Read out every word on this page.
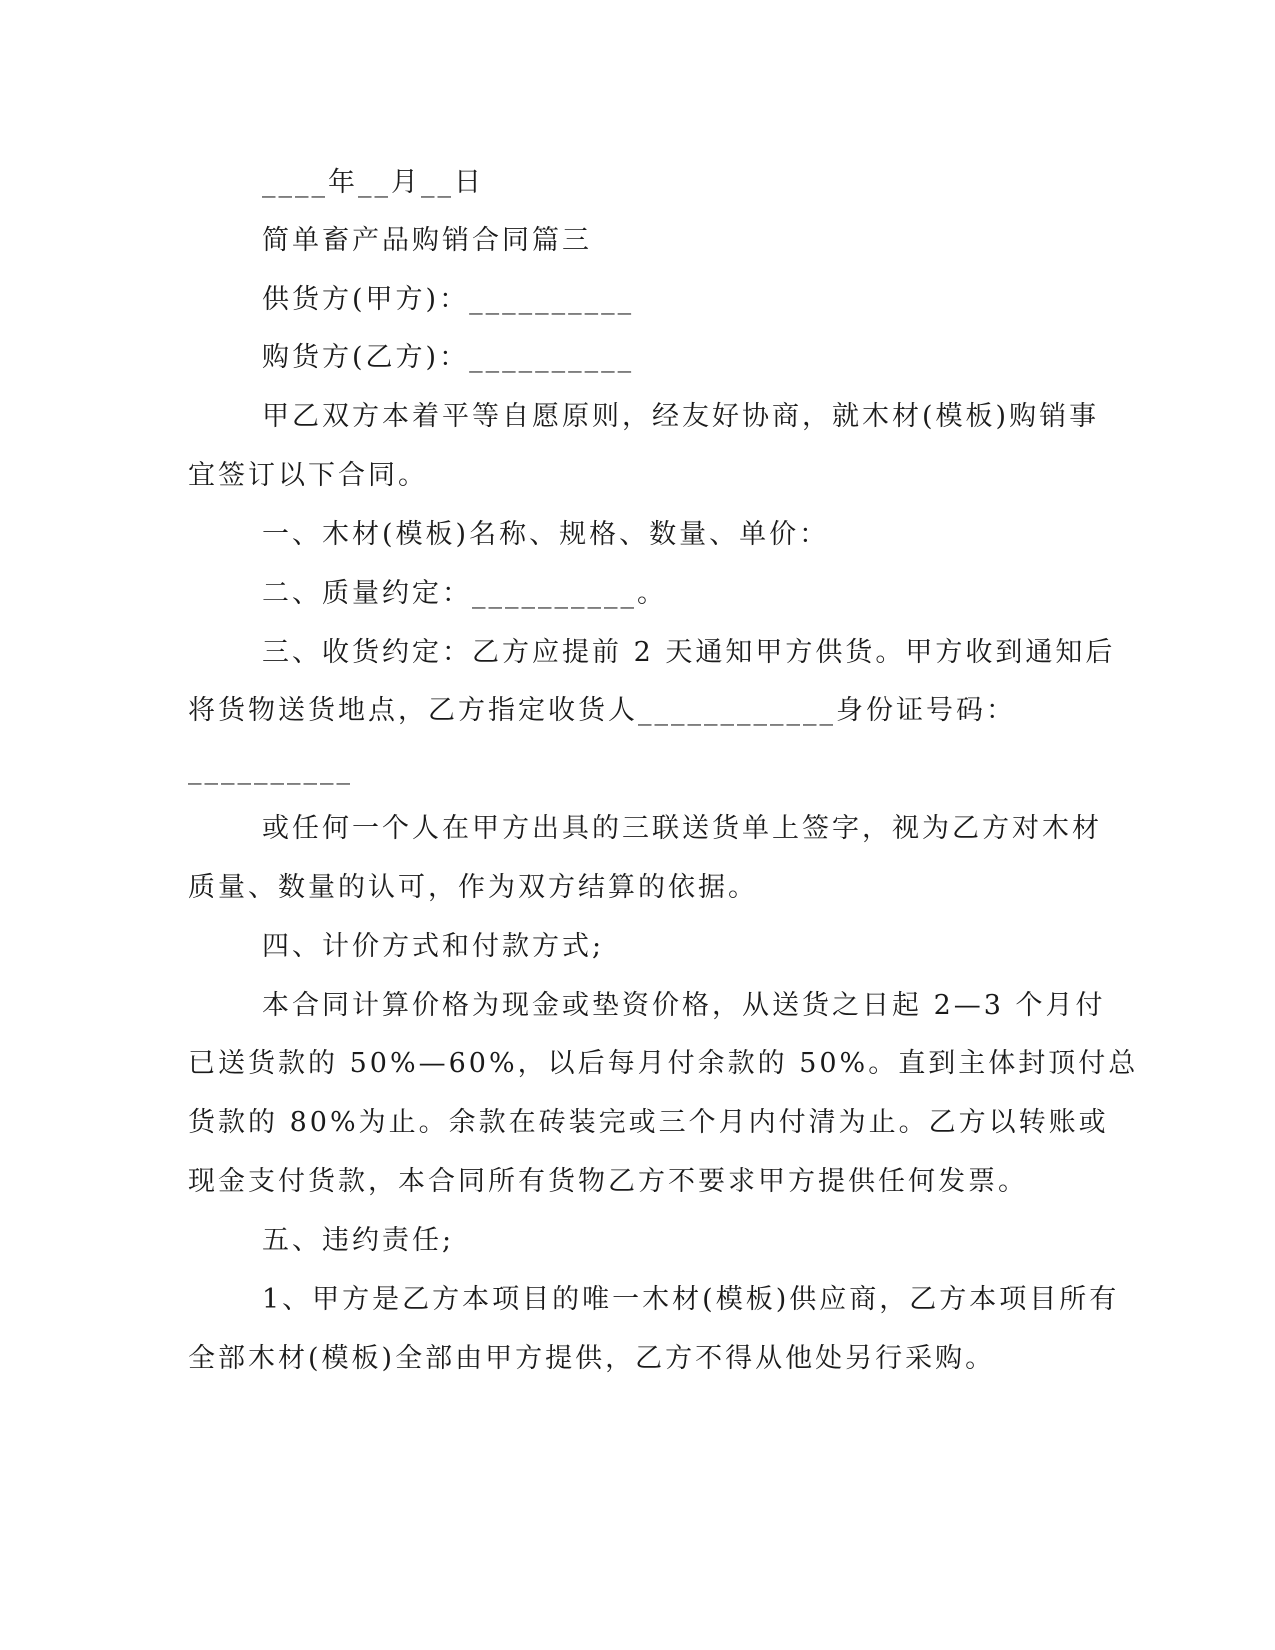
____年__月__日
简单畜产品购销合同篇三
供货方(甲方)：__________
购货方(乙方)：__________
甲乙双方本着平等自愿原则，经友好协商，就木材(模板)购销事
宜签订以下合同。
一、木材(模板)名称、规格、数量、单价：
二、质量约定：__________。
三、收货约定：乙方应提前 2 天通知甲方供货。甲方收到通知后
将货物送货地点，乙方指定收货人____________身份证号码：
__________
或任何一个人在甲方出具的三联送货单上签字，视为乙方对木材
质量、数量的认可，作为双方结算的依据。
四、计价方式和付款方式;
本合同计算价格为现金或垫资价格，从送货之日起 2—3 个月付
已送货款的 50%—60%，以后每月付余款的 50%。直到主体封顶付总
货款的 80%为止。余款在砖装完或三个月内付清为止。乙方以转账或
现金支付货款，本合同所有货物乙方不要求甲方提供任何发票。
五、违约责任;
1、甲方是乙方本项目的唯一木材(模板)供应商，乙方本项目所有
全部木材(模板)全部由甲方提供，乙方不得从他处另行采购。
